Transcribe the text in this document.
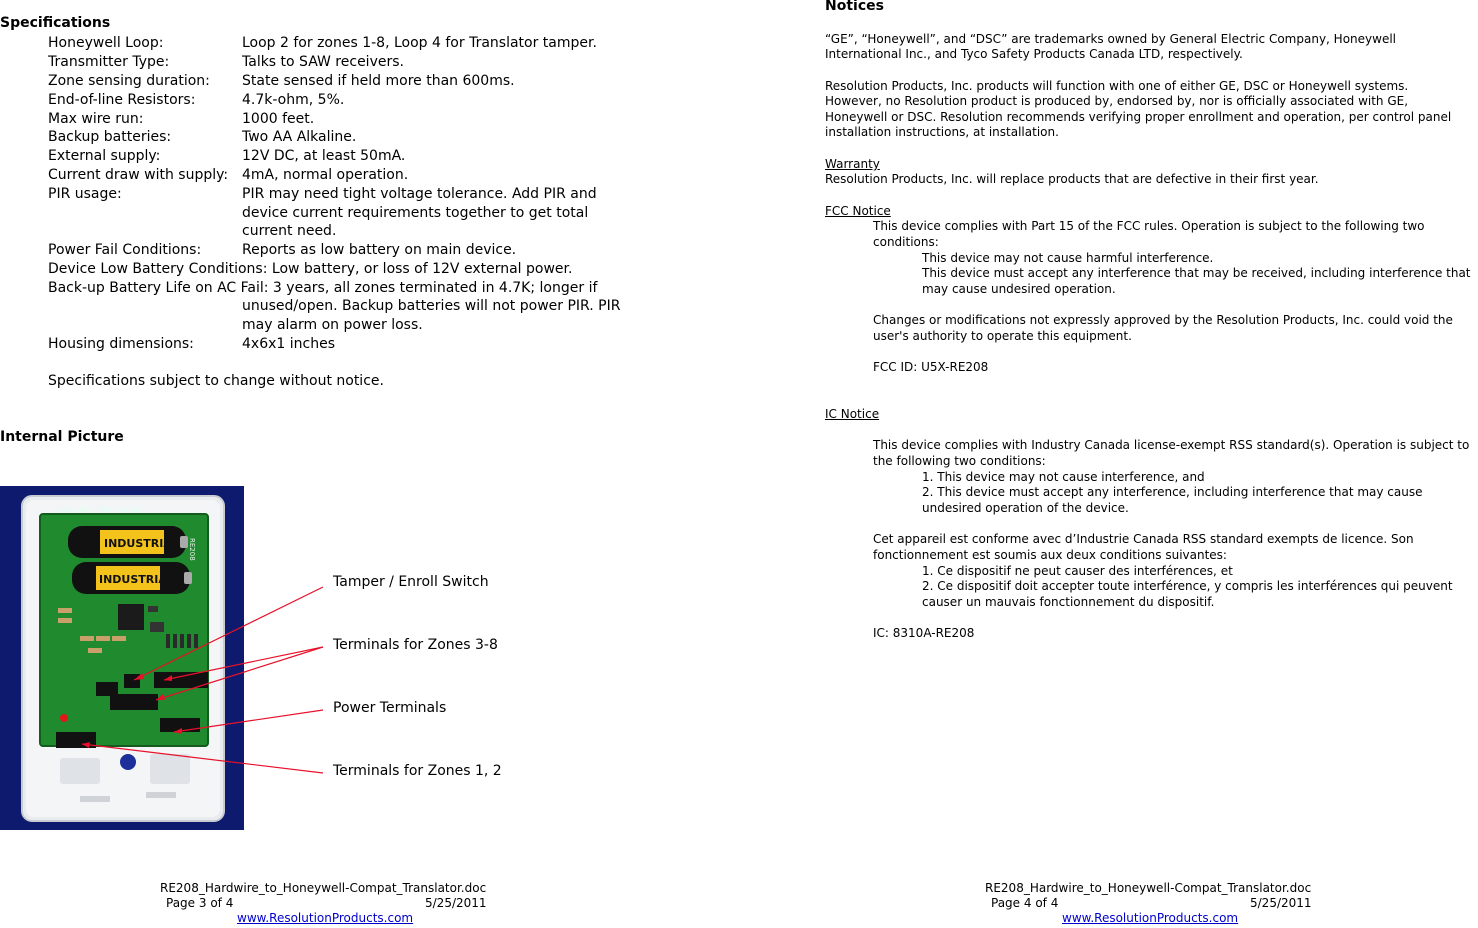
Specifications
Honeywell Loop:	Loop 2 for zones 1-8, Loop 4 for Translator tamper.
Transmitter Type:	Talks to SAW receivers.
Zone sensing duration: State sensed if held more than 600ms.
End-of-line Resistors:	4.7k-ohm, 5%.
Max wire run:	1000 feet.
Backup batteries:	Two AA Alkaline.
External supply:	12V DC, at least 50mA.
Current draw with supply: 4mA, normal operation.
PIR usage:	PIR may need tight voltage tolerance. Add PIR and
device current requirements together to get total
current need.
Power Fail Conditions:	Reports as low battery on main device.
Device Low Battery Conditions: Low battery, or loss of 12V external power.
Back-up Battery Life on AC Fail: 3 years, all zones terminated in 4.7K; longer if
unused/open. Backup batteries will not power PIR. PIR
may alarm on power loss.
Housing dimensions:	4x6x1 inches
Specifications subject to change without notice.
Internal Picture
Resolution Products, Inc.
RE208
INDUSTRIAL
INDUSTRIAL	Tamper / Enroll Switch
Terminals for Zones 3-8
Power Terminals
Terminals for Zones 1, 2
RE208_Hardwire_to_Honeywell-Compat_Translator.doc
Page 3 of 4	5/25/2011
www.ResolutionProducts.com
Notices
“GE”, “Honeywell”, and “DSC” are trademarks owned by General Electric Company, Honeywell
International Inc., and Tyco Safety Products Canada LTD, respectively.
Resolution Products, Inc. products will function with one of either GE, DSC or Honeywell systems.
However, no Resolution product is produced by, endorsed by, nor is officially associated with GE,
Honeywell or DSC. Resolution recommends verifying proper enrollment and operation, per control panel
installation instructions, at installation.
Warranty
Resolution Products, Inc. will replace products that are defective in their first year.
FCC Notice
This device complies with Part 15 of the FCC rules. Operation is subject to the following two
conditions:
This device may not cause harmful interference.
This device must accept any interference that may be received, including interference that
may cause undesired operation.
Changes or modifications not expressly approved by the Resolution Products, Inc. could void the
user's authority to operate this equipment.
FCC ID: U5X-RE208
IC Notice
This device complies with Industry Canada license-exempt RSS standard(s). Operation is subject to
the following two conditions:
1. This device may not cause interference, and
2. This device must accept any interference, including interference that may cause
undesired operation of the device.
Cet appareil est conforme avec d’Industrie Canada RSS standard exempts de licence. Son
fonctionnement est soumis aux deux conditions suivantes:
1. Ce dispositif ne peut causer des interférences, et
2. Ce dispositif doit accepter toute interférence, y compris les interférences qui peuvent
causer un mauvais fonctionnement du dispositif.
IC: 8310A-RE208
RE208_Hardwire_to_Honeywell-Compat_Translator.doc
Page 4 of 4	5/25/2011
www.ResolutionProducts.com
